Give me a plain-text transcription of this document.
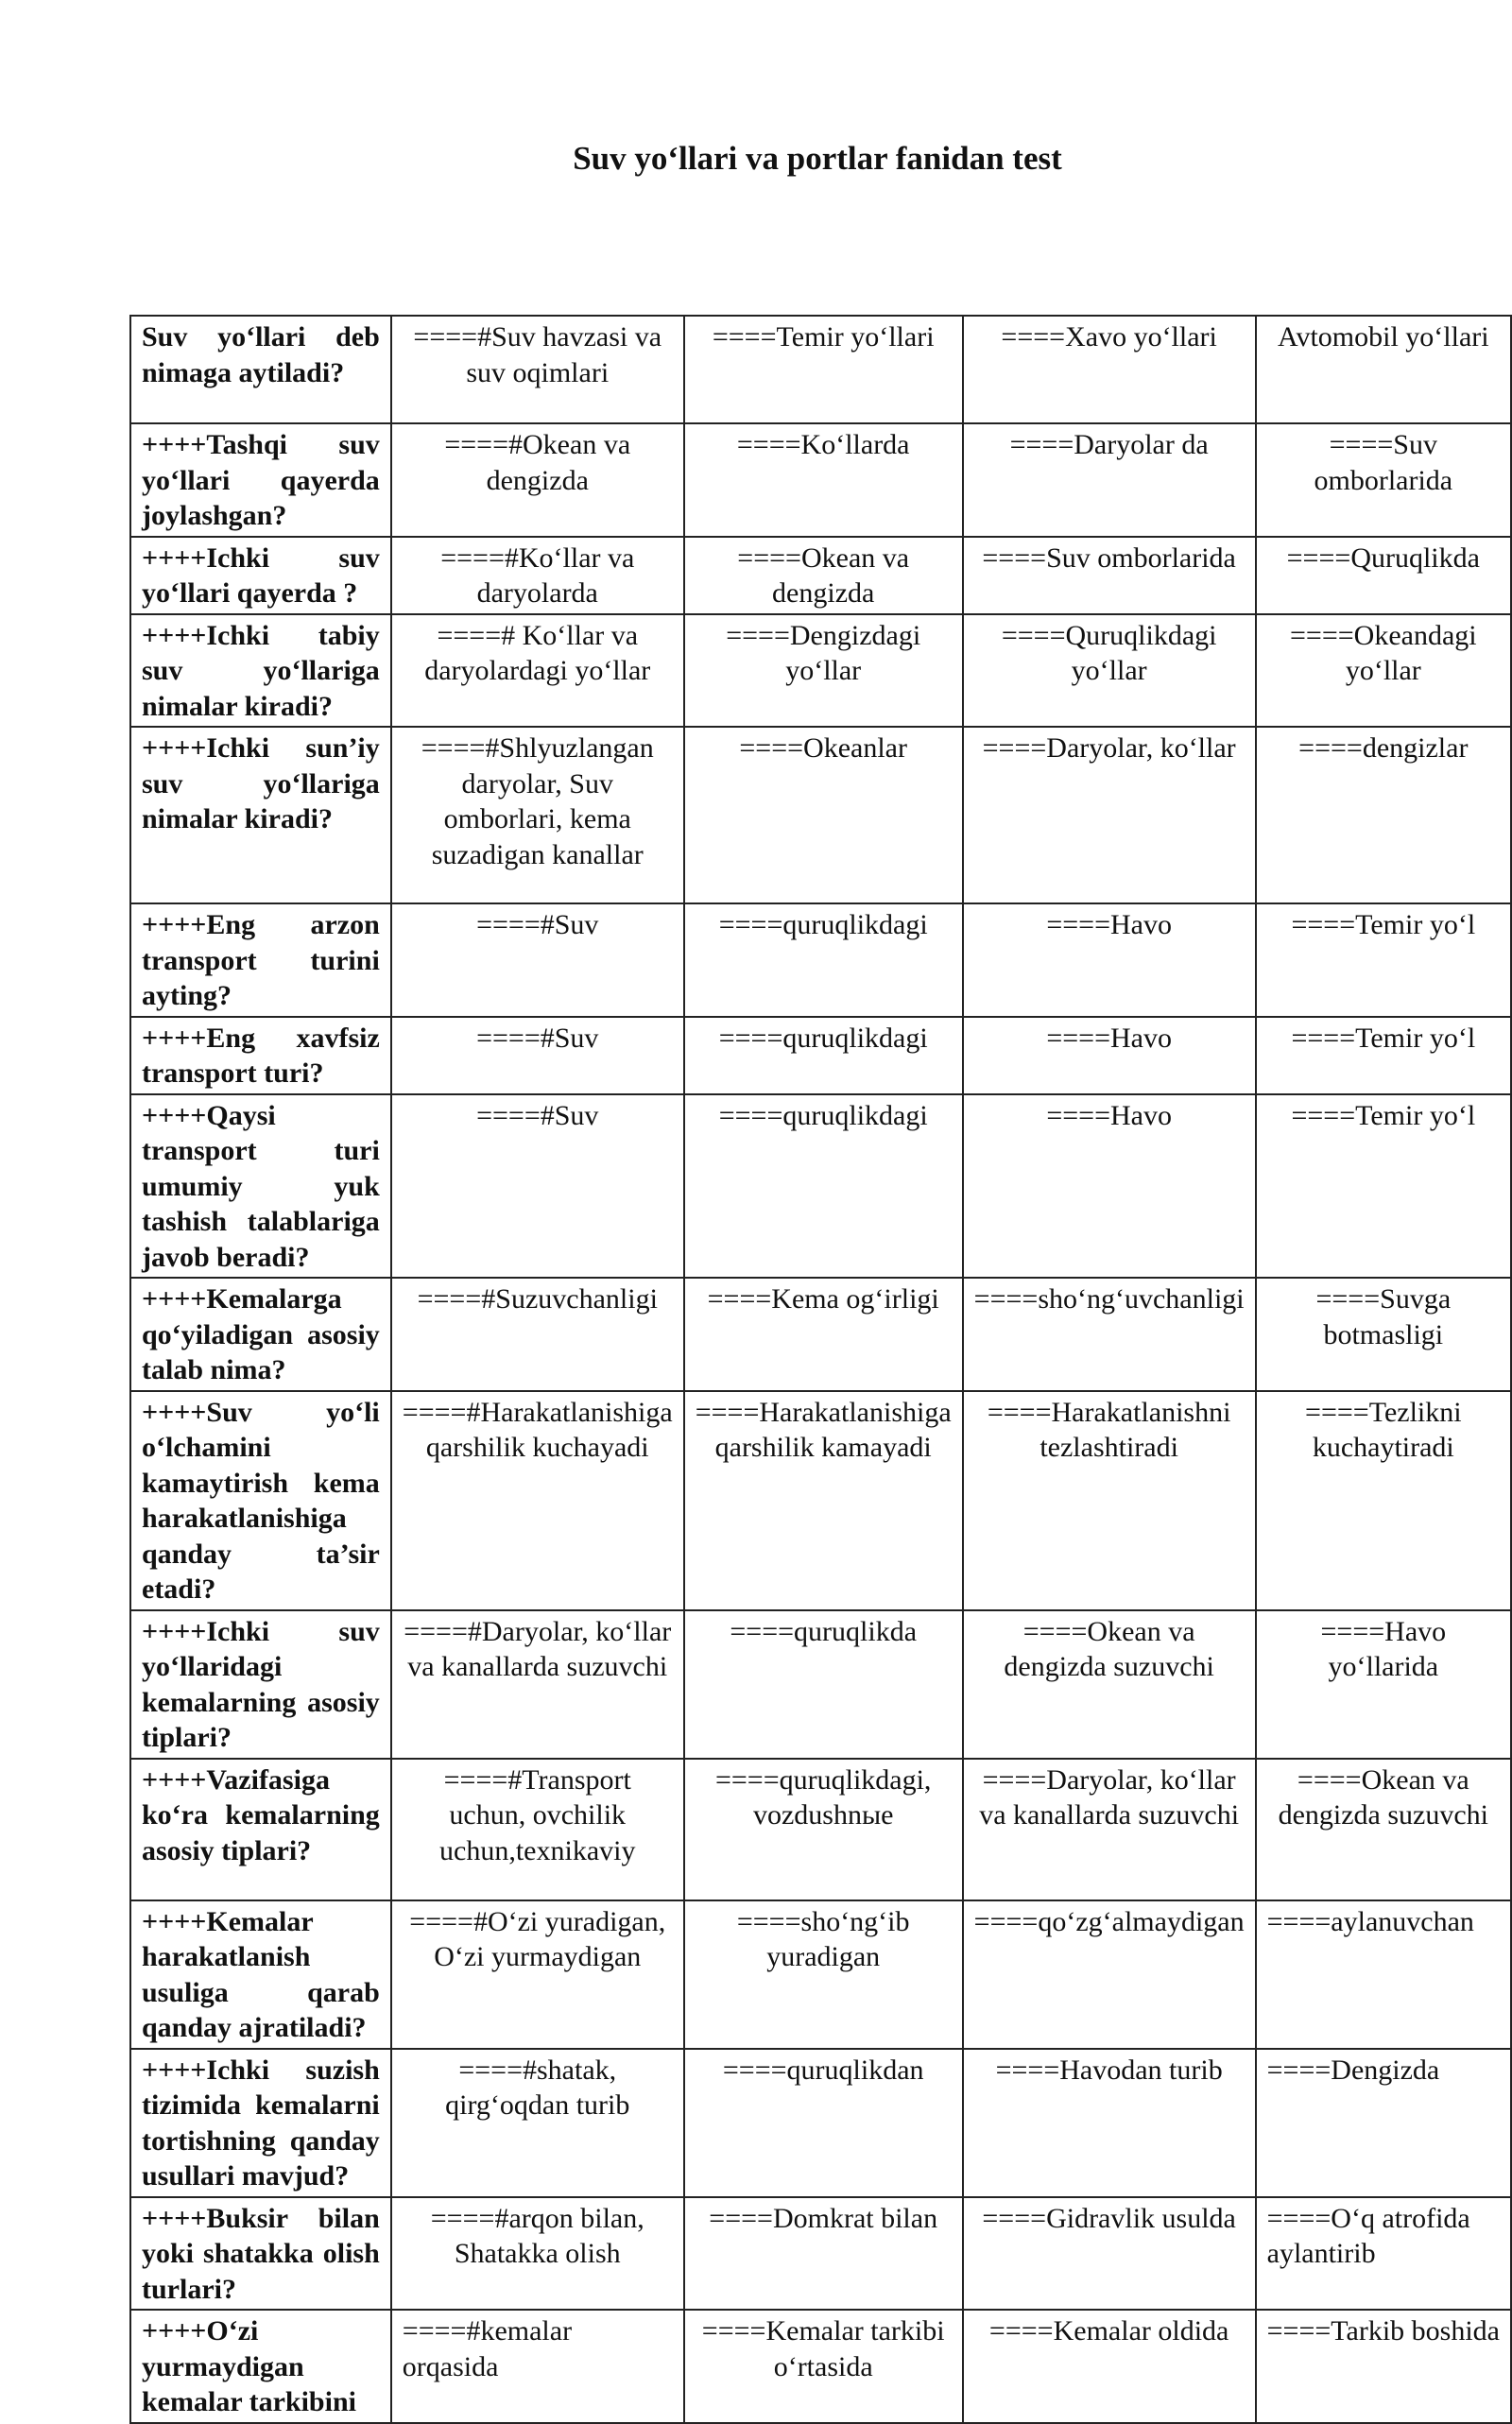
Suv yo‘llari va portlar fanidan test
Suv yo‘llari deb nimaga aytiladi?	====#Suv havzasi va suv oqimlari	====Temir yo‘llari	====Xavo yo‘llari	Avtomobil yo‘llari
++++Tashqi suv yo‘llari qayerda joylashgan?	====#Okean va dengizda	====Ko‘llarda	====Daryolar da	====Suv omborlarida
++++Ichki suv yo‘llari qayerda ?	====#Ko‘llar va daryolarda	====Okean va dengizda	====Suv omborlarida	====Quruqlikda
++++Ichki tabiy suv yo‘llariga nimalar kiradi?	====# Ko‘llar va daryolardagi yo‘llar	====Dengizdagi yo‘llar	====Quruqlikdagi yo‘llar	====Okeandagi yo‘llar
++++Ichki sun’iy suv yo‘llariga nimalar kiradi?	====#Shlyuzlangan daryolar, Suv omborlari, kema suzadigan kanallar	====Okeanlar	====Daryolar, ko‘llar	====dengizlar
++++Eng arzon transport turini ayting?	====#Suv	====quruqlikdagi	====Havo	====Temir yo‘l
++++Eng xavfsiz transport turi?	====#Suv	====quruqlikdagi	====Havo	====Temir yo‘l
++++Qaysi transport turi umumiy yuk tashish talablariga javob beradi?	====#Suv	====quruqlikdagi	====Havo	====Temir yo‘l
++++Kemalarga qo‘yiladigan asosiy talab nima?	====#Suzuvchanligi	====Kema og‘irligi	====sho‘ng‘uvchanligi	====Suvga botmasligi
++++Suv yo‘li o‘lchamini kamaytirish kema harakatlanishiga qanday ta’sir etadi?	====#Harakatlanishiga qarshilik kuchayadi	====Harakatlanishiga qarshilik kamayadi	====Harakatlanishni tezlashtiradi	====Tezlikni kuchaytiradi
++++Ichki suv yo‘llaridagi kemalarning asosiy tiplari?	====#Daryolar, ko‘llar va kanallarda suzuvchi	====quruqlikda	====Okean va dengizda suzuvchi	====Havo yo‘llarida
++++Vazifasiga ko‘ra kemalarning asosiy tiplari?	====#Transport uchun, ovchilik uchun,texnikaviy	====quruqlikdagi, vozdushnыe	====Daryolar, ko‘llar va kanallarda suzuvchi	====Okean va dengizda suzuvchi
++++Kemalar harakatlanish usuliga qarab qanday ajratiladi?	====#O‘zi yuradigan, O‘zi yurmaydigan	====sho‘ng‘ib yuradigan	====qo‘zg‘almaydigan	====aylanuvchan
++++Ichki suzish tizimida kemalarni tortishning qanday usullari mavjud?	====#shatak, qirg‘oqdan turib	====quruqlikdan	====Havodan turib	====Dengizda
++++Buksir bilan yoki shatakka olish turlari?	====#arqon bilan, Shatakka olish	====Domkrat bilan	====Gidravlik usulda	====O‘q atrofida aylantirib
++++O‘zi yurmaydigan kemalar tarkibini	====#kemalar orqasida	====Kemalar tarkibi o‘rtasida	====Kemalar oldida	====Tarkib boshida
